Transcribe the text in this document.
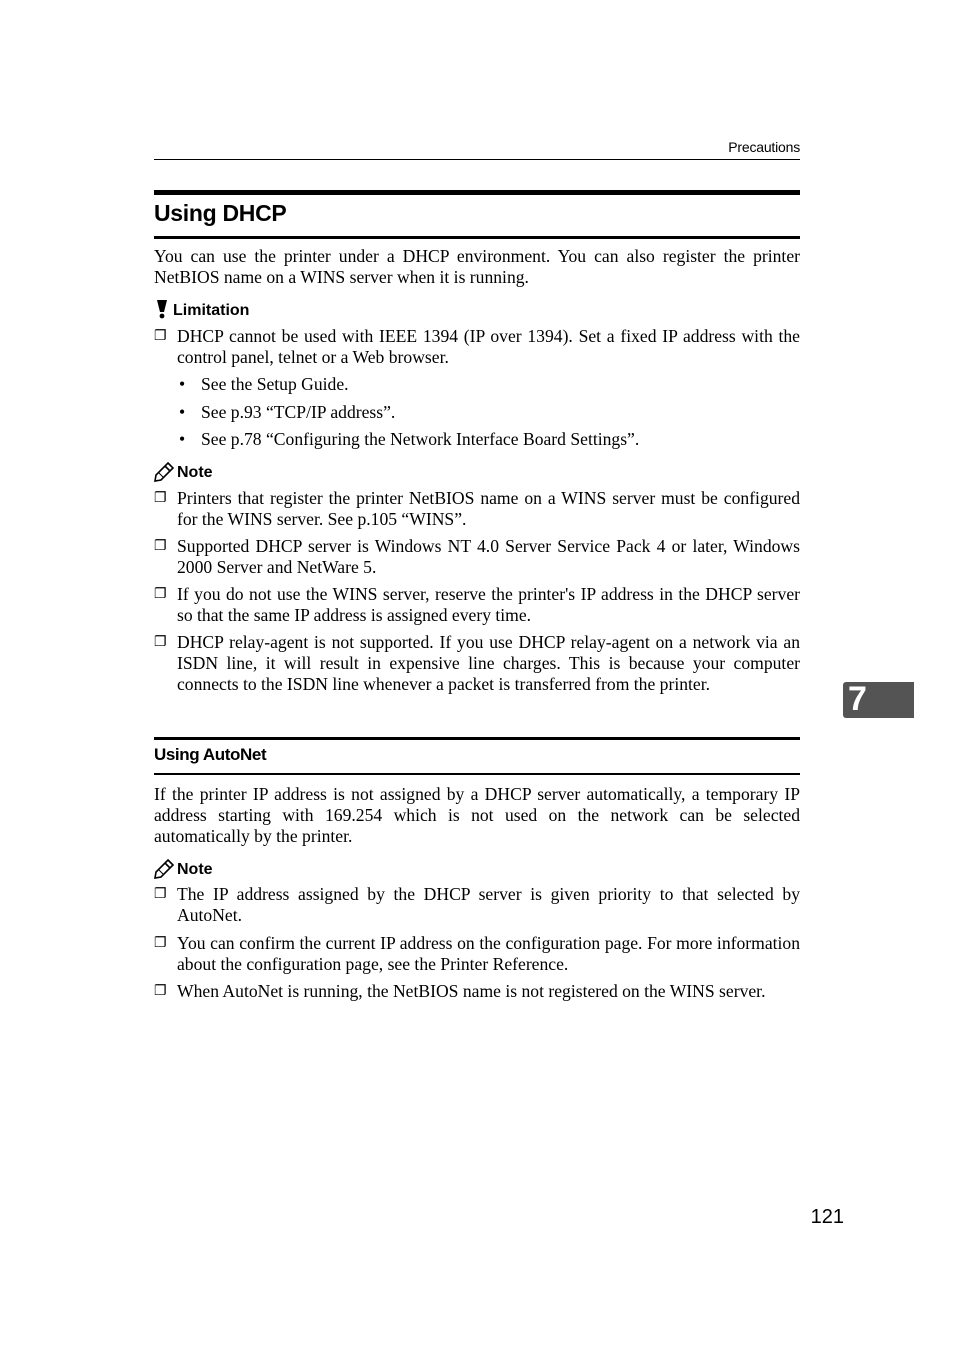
Precautions
Using DHCP
You can use the printer under a DHCP environment. You can also register the printer NetBIOS name on a WINS server when it is running.
Limitation
❐ DHCP cannot be used with IEEE 1394 (IP over 1394). Set a fixed IP address with the control panel, telnet or a Web browser.
• See the Setup Guide.
• See p.93 “TCP/IP address”.
• See p.78 “Configuring the Network Interface Board Settings”.
Note
❐ Printers that register the printer NetBIOS name on a WINS server must be configured for the WINS server. See p.105 “WINS”.
❐ Supported DHCP server is Windows NT 4.0 Server Service Pack 4 or later, Windows 2000 Server and NetWare 5.
❐ If you do not use the WINS server, reserve the printer's IP address in the DHCP server so that the same IP address is assigned every time.
❐ DHCP relay-agent is not supported. If you use DHCP relay-agent on a network via an ISDN line, it will result in expensive line charges. This is because your computer connects to the ISDN line whenever a packet is transferred from the printer.
Using AutoNet
If the printer IP address is not assigned by a DHCP server automatically, a temporary IP address starting with 169.254 which is not used on the network can be selected automatically by the printer.
Note
❐ The IP address assigned by the DHCP server is given priority to that selected by AutoNet.
❐ You can confirm the current IP address on the configuration page. For more information about the configuration page, see the Printer Reference.
❐ When AutoNet is running, the NetBIOS name is not registered on the WINS server.
7
121
